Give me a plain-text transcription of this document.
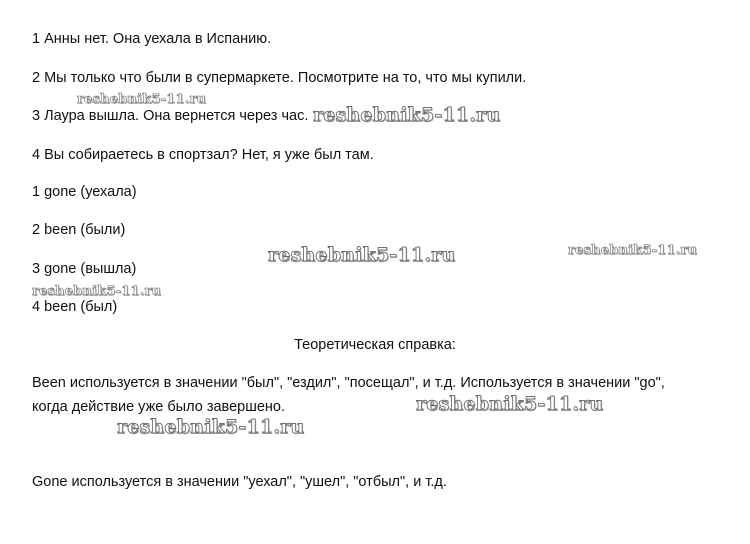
1 Анны нет. Она уехала в Испанию.
2 Мы только что были в супермаркете. Посмотрите на то, что мы купили.
3 Лаура вышла. Она вернется через час.
4 Вы собираетесь в спортзал? Нет, я уже был там.
1 gone (уехала)
2 been (были)
3 gone (вышла)
4 been (был)
Теоретическая справка:
Been используется в значении "был", "ездил", "посещал", и т.д. Используется в значении "go",
когда действие уже было завершено.
Gone используется в значении "уехал", "ушел", "отбыл", и т.д.
reshebnik5-11.ru
reshebnik5-11.ru
reshebnik5-11.ru	reshebnik5-11.ru
reshebnik5-11.ru
reshebnik5-11.ru
reshebnik5-11.ru
